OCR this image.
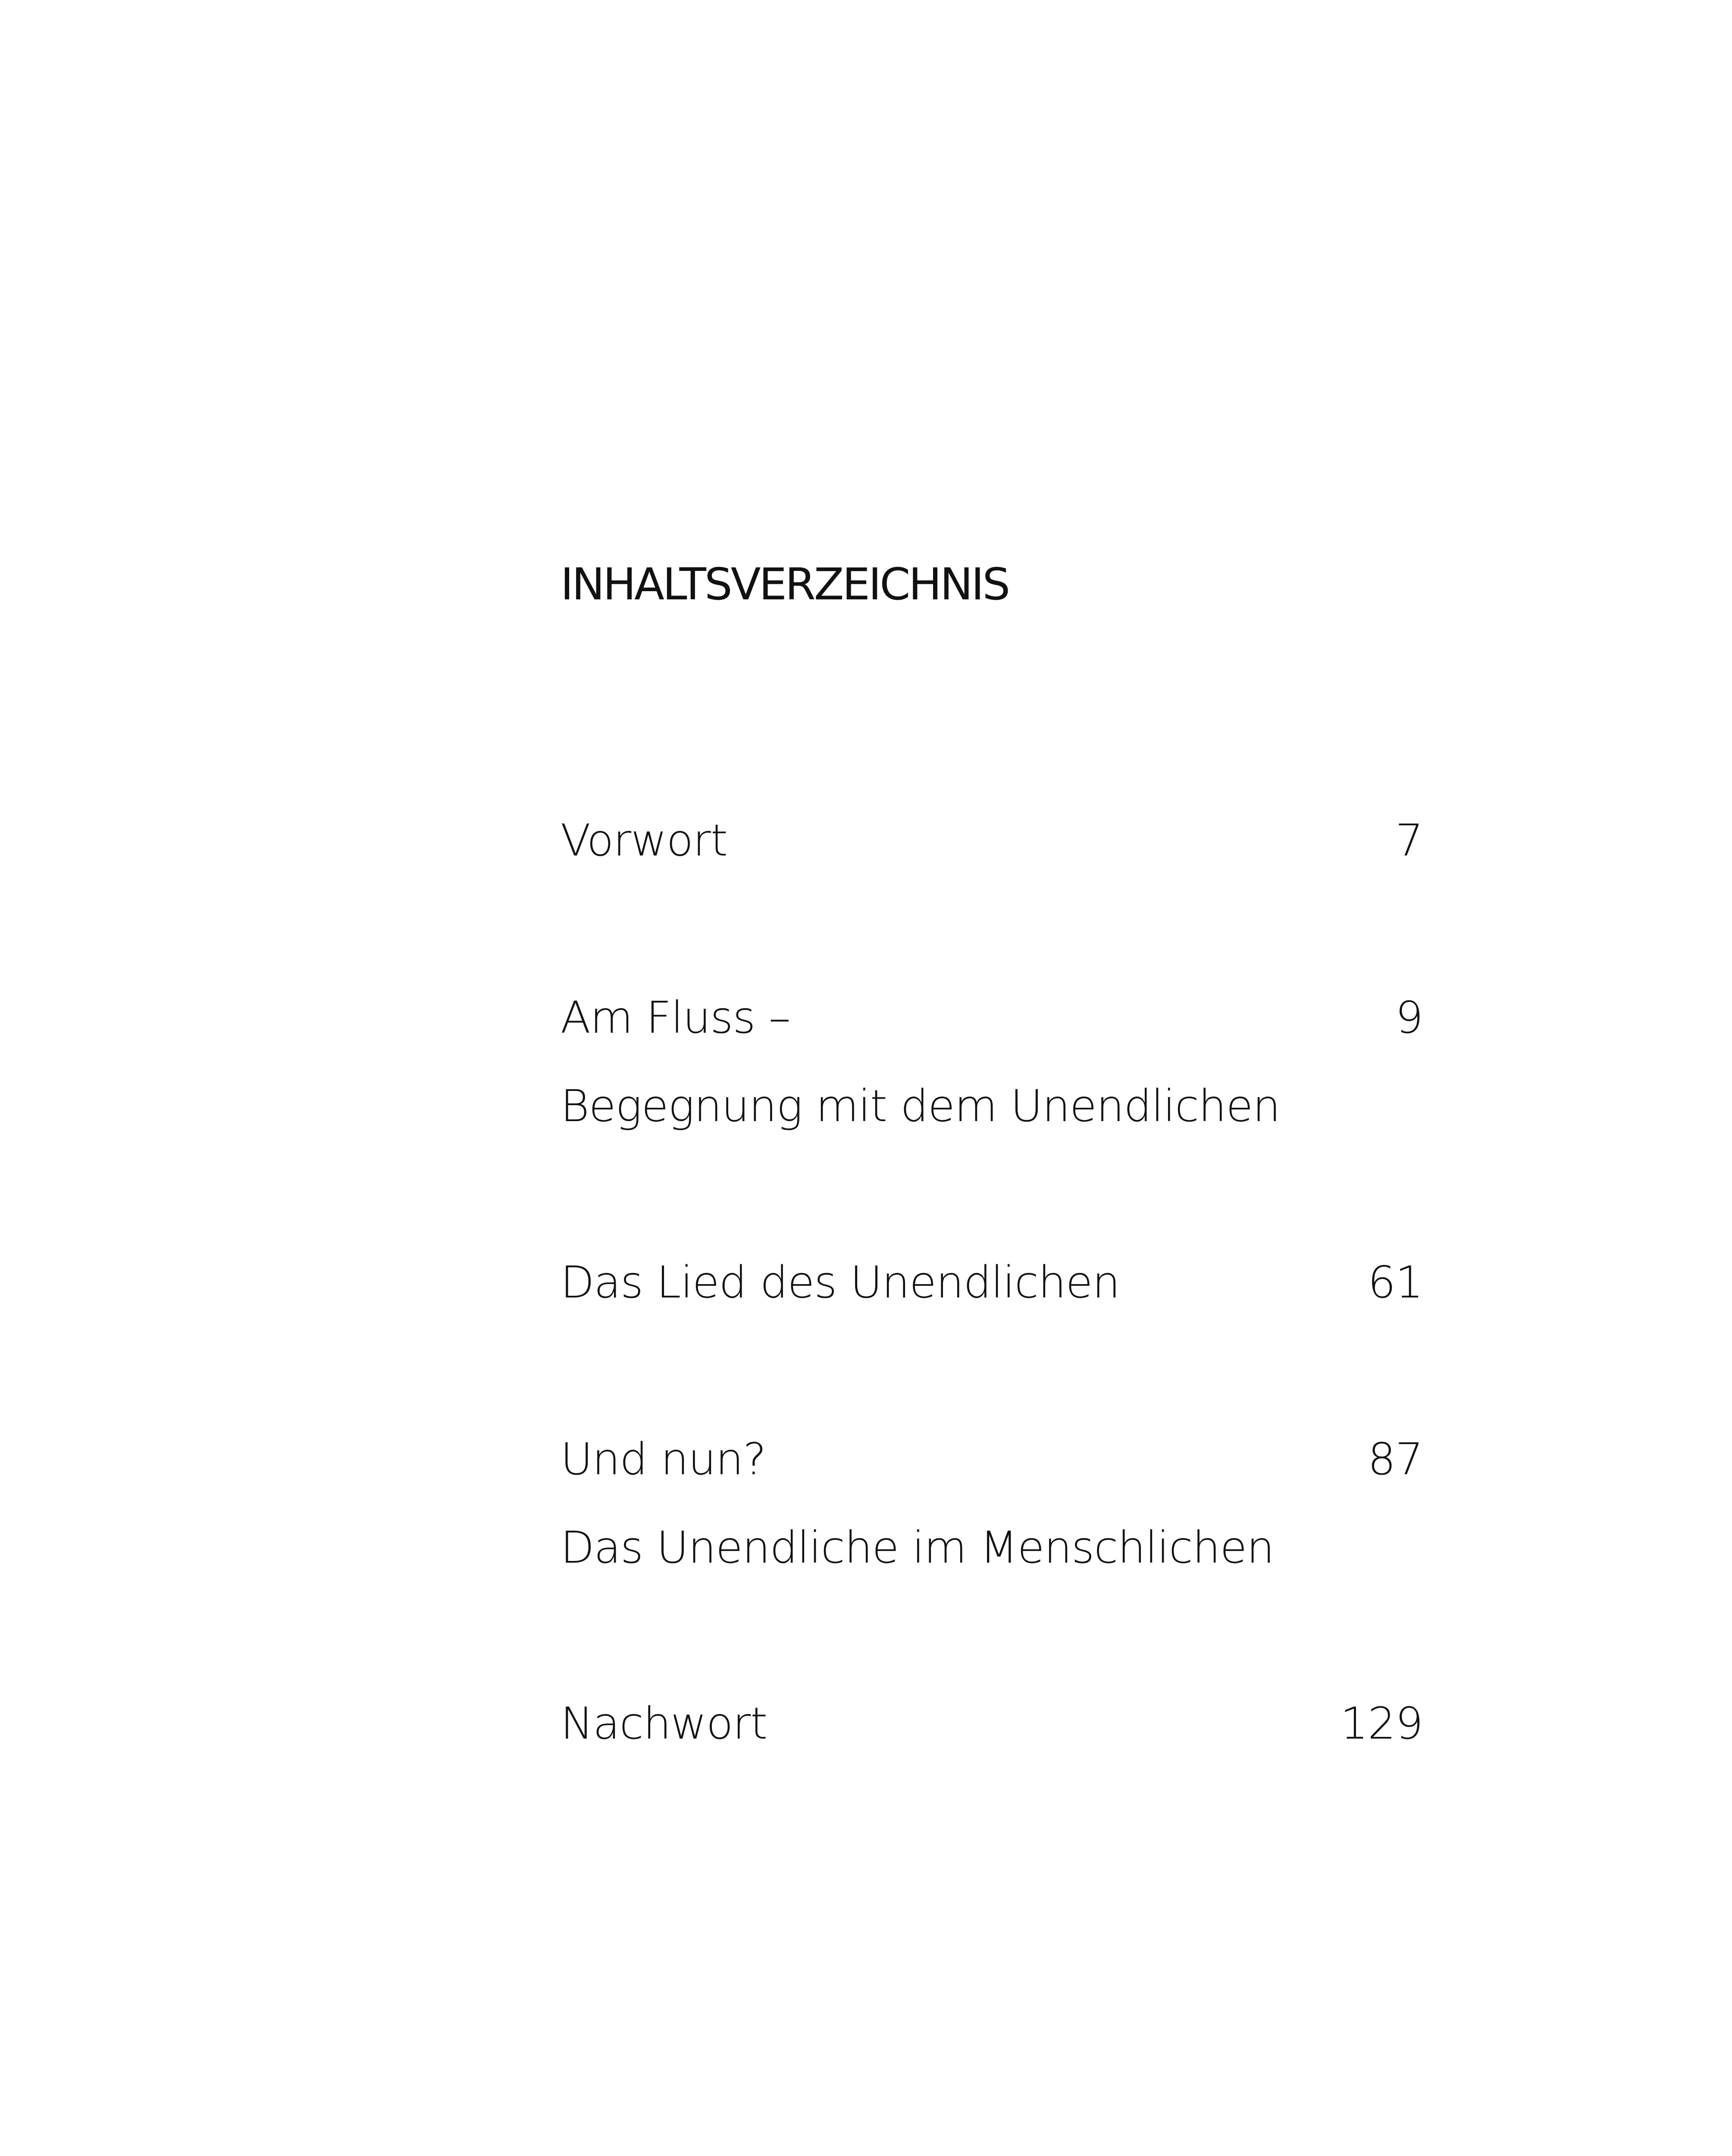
INHALTSVERZEICHNIS
Vorwort	7
Am Fluss –	9
Begegnung mit dem Unendlichen
Das Lied des Unendlichen	61
Und nun?	87
Das Unendliche im Menschlichen
Nachwort	129
